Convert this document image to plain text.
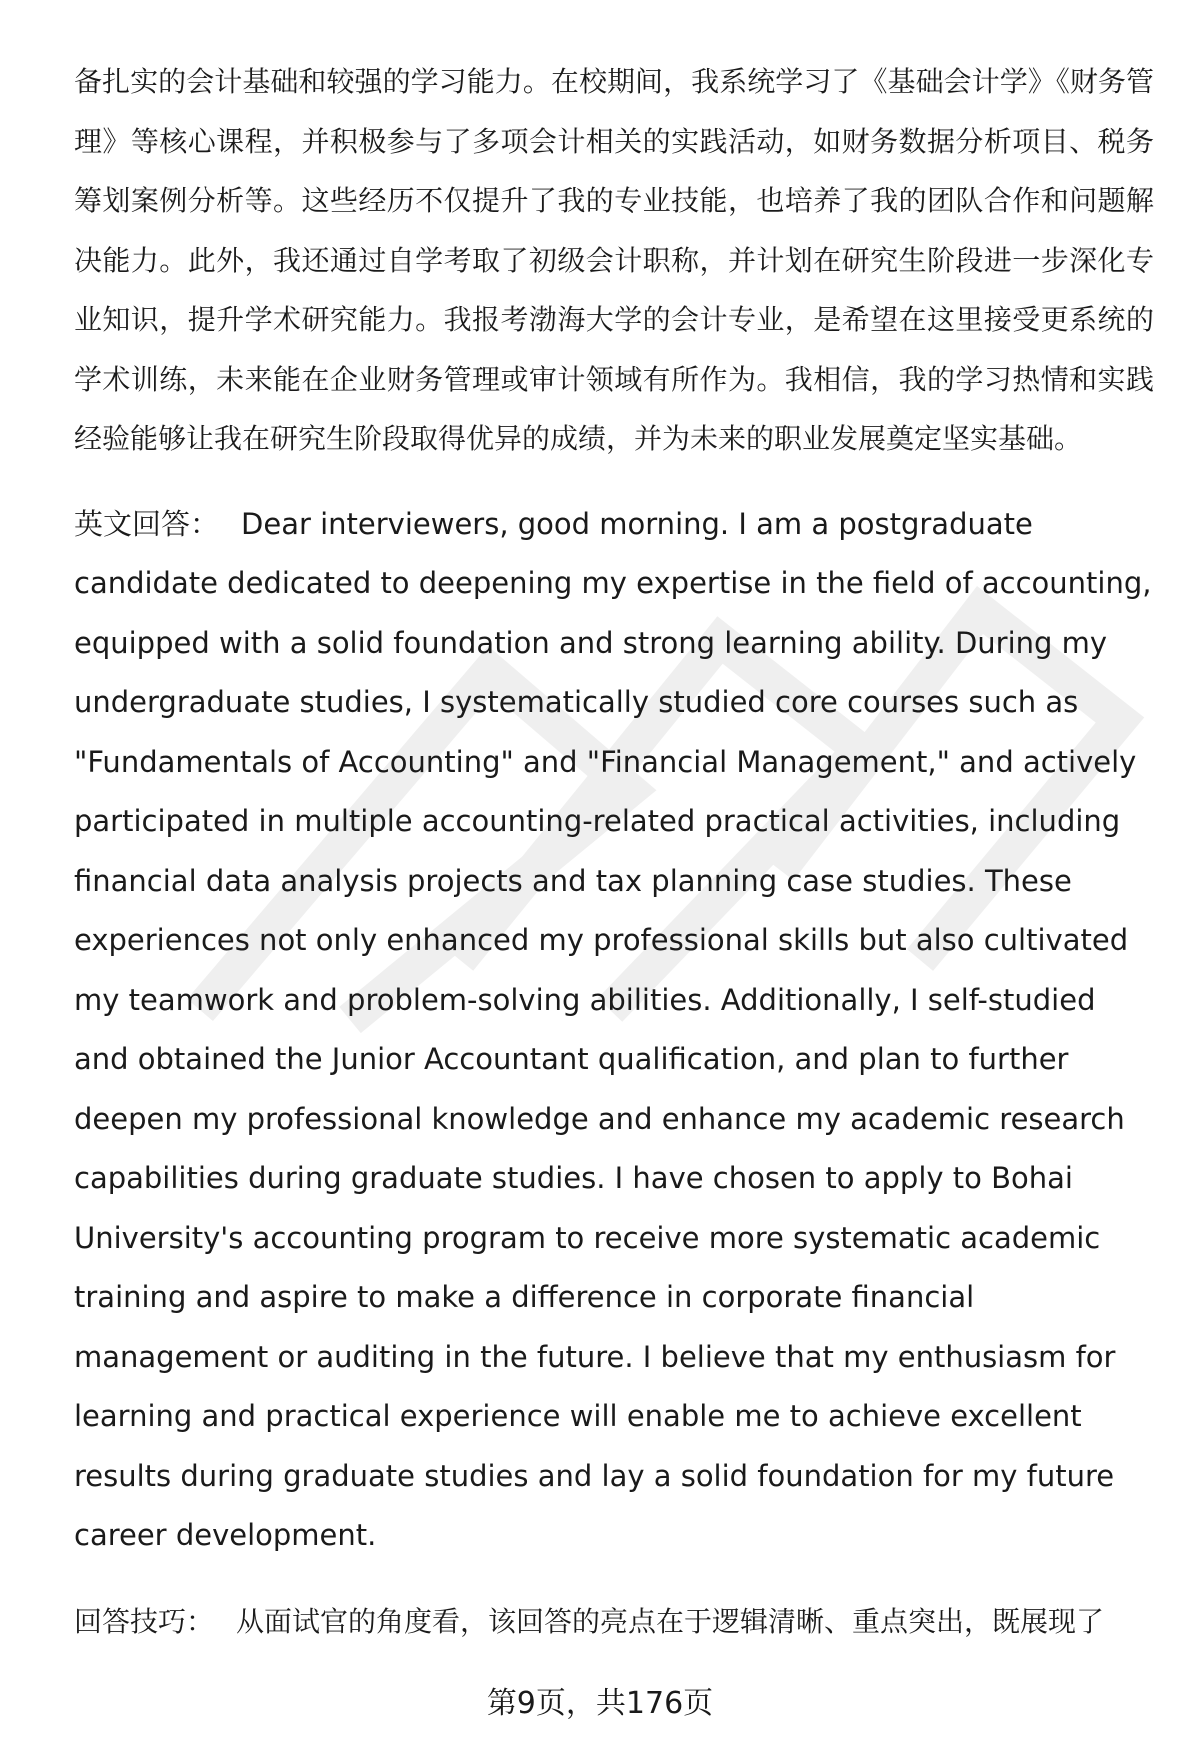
备扎实的会计基础和较强的学习能力。在校期间，我系统学习了《基础会计学》《财务管理》等核心课程，并积极参与了多项会计相关的实践活动，如财务数据分析项目、税务筹划案例分析等。这些经历不仅提升了我的专业技能，也培养了我的团队合作和问题解决能力。此外，我还通过自学考取了初级会计职称，并计划在研究生阶段进一步深化专业知识，提升学术研究能力。我报考渤海大学的会计专业，是希望在这里接受更系统的学术训练，未来能在企业财务管理或审计领域有所作为。我相信，我的学习热情和实践经验能够让我在研究生阶段取得优异的成绩，并为未来的职业发展奠定坚实基础。

英文回答： Dear interviewers, good morning. I am a postgraduate candidate dedicated to deepening my expertise in the field of accounting, equipped with a solid foundation and strong learning ability. During my undergraduate studies, I systematically studied core courses such as "Fundamentals of Accounting" and "Financial Management," and actively participated in multiple accounting-related practical activities, including financial data analysis projects and tax planning case studies. These experiences not only enhanced my professional skills but also cultivated my teamwork and problem-solving abilities. Additionally, I self-studied and obtained the Junior Accountant qualification, and plan to further deepen my professional knowledge and enhance my academic research capabilities during graduate studies. I have chosen to apply to Bohai University's accounting program to receive more systematic academic training and aspire to make a difference in corporate financial management or auditing in the future. I believe that my enthusiasm for learning and practical experience will enable me to achieve excellent results during graduate studies and lay a solid foundation for my future career development.

回答技巧： 从面试官的角度看，该回答的亮点在于逻辑清晰、重点突出，既展现了

第9页，共176页
